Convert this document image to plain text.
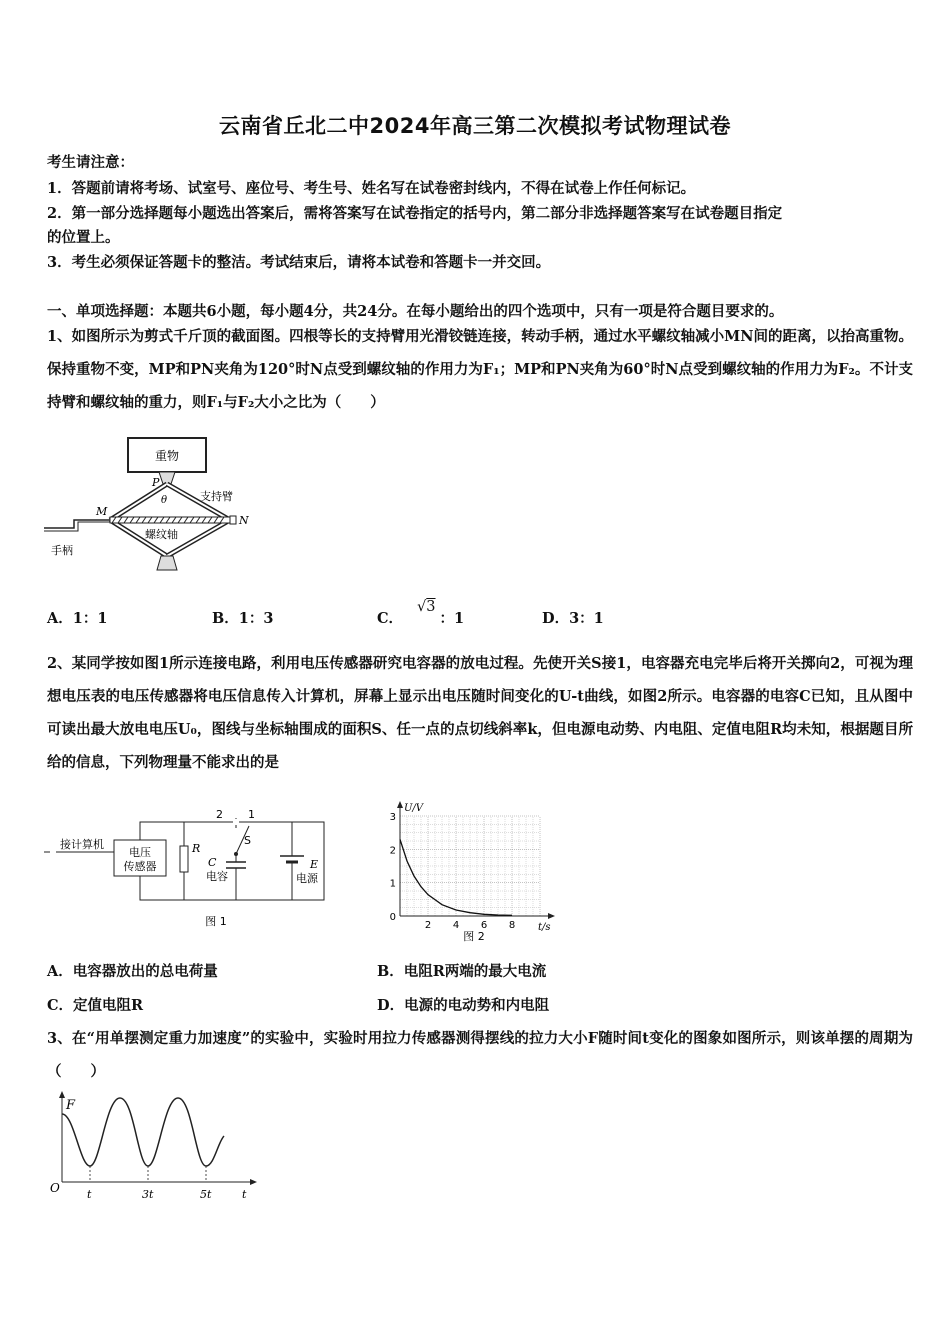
云南省丘北二中2024年高三第二次模拟考试物理试卷
考生请注意：
1．答题前请将考场、试室号、座位号、考生号、姓名写在试卷密封线内，不得在试卷上作任何标记。
2．第一部分选择题每小题选出答案后，需将答案写在试卷指定的括号内，第二部分非选择题答案写在试卷题目指定
的位置上。
3．考生必须保证答题卡的整洁。考试结束后，请将本试卷和答题卡一并交回。
一、单项选择题：本题共6小题，每小题4分，共24分。在每小题给出的四个选项中，只有一项是符合题目要求的。
1、如图所示为剪式千斤顶的截面图。四根等长的支持臂用光滑铰链连接，转动手柄，通过水平螺纹轴减小MN间的距离，以抬高重物。保持重物不变，MP和PN夹角为120°时N点受到螺纹轴的作用力为F₁；MP和PN夹角为60°时N点受到螺纹轴的作用力为F₂。不计支持臂和螺纹轴的重力，则F₁与F₂大小之比为（　　）
重物
P
θ	支持臂
M
N
螺纹轴
手柄
A．1：1	B．1：3	C．√3：1	D．3：1
2、某同学按如图1所示连接电路，利用电压传感器研究电容器的放电过程。先使开关S接1，电容器充电完毕后将开关掷向2，可视为理想电压表的电压传感器将电压信息传入计算机，屏幕上显示出电压随时间变化的U-t曲线，如图2所示。电容器的电容C已知，且从图中可读出最大放电电压U₀，图线与坐标轴围成的面积S、任一点的点切线斜率k，但电源电动势、内电阻、定值电阻R均未知，根据题目所给的信息，下列物理量不能求出的是
接计算机
电压
传感器
R
2 1
S
C
电容
E
电源
图 1	0
1
2
3
2 4 6 8
U/V
t/s
图 2
A．电容器放出的总电荷量	B．电阻R两端的最大电流
C．定值电阻R	D．电源的电动势和内电阻
3、在“用单摆测定重力加速度”的实验中，实验时用拉力传感器测得摆线的拉力大小F随时间t变化的图象如图所示，则该单摆的周期为（　　）
F
O t	3t	5t	t
